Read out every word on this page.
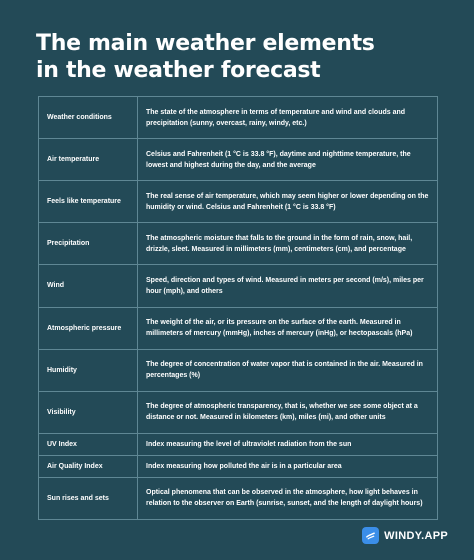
The main weather elements
in the weather forecast
Weather conditions	The state of the atmosphere in terms of temperature and wind and clouds and precipitation (sunny, overcast, rainy, windy, etc.)
Air temperature	Celsius and Fahrenheit (1 °C is 33.8 °F), daytime and nighttime temperature, the lowest and highest during the day, and the average
Feels like temperature	The real sense of air temperature, which may seem higher or lower depending on the humidity or wind. Celsius and Fahrenheit (1 °C is 33.8 °F)
Precipitation	The atmospheric moisture that falls to the ground in the form of rain, snow, hail, drizzle, sleet. Measured in millimeters (mm), centimeters (cm), and percentage
Wind	Speed, direction and types of wind. Measured in meters per second (m/s), miles per hour (mph), and others
Atmospheric pressure	The weight of the air, or its pressure on the surface of the earth. Measured in millimeters of mercury (mmHg), inches of mercury (inHg), or hectopascals (hPa)
Humidity	The degree of concentration of water vapor that is contained in the air. Measured in percentages (%)
Visibility	The degree of atmospheric transparency, that is, whether we see some object at a distance or not. Measured in kilometers (km), miles (mi), and other units
UV Index	Index measuring the level of ultraviolet radiation from the sun
Air Quality Index	Index measuring how polluted the air is in a particular area
Sun rises and sets	Optical phenomena that can be observed in the atmosphere, how light behaves in relation to the observer on Earth (sunrise, sunset, and the length of daylight hours)
WINDY.APP
